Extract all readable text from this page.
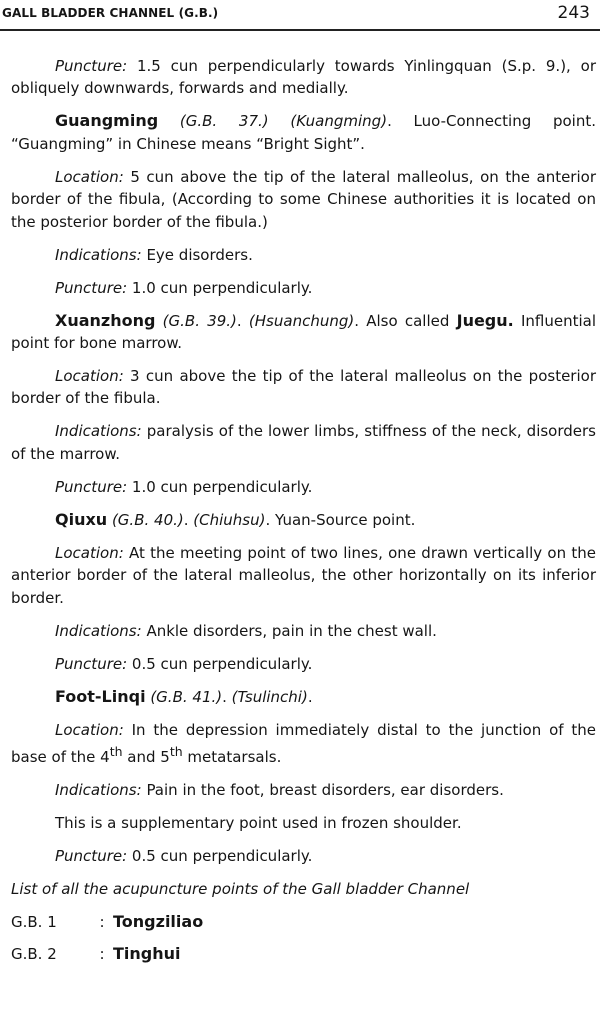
GALL BLADDER CHANNEL (G.B.)	243

Puncture: 1.5 cun perpendicularly towards Yinlingquan (S.p. 9.), or obliquely downwards, forwards and medially.

Guangming (G.B. 37.) (Kuangming). Luo-Connecting point. “Guangming” in Chinese means “Bright Sight”.

Location: 5 cun above the tip of the lateral malleolus, on the anterior border of the fibula, (According to some Chinese authorities it is located on the posterior border of the fibula.)

Indications: Eye disorders.

Puncture: 1.0 cun perpendicularly.

Xuanzhong (G.B. 39.). (Hsuanchung). Also called Juegu. Influential point for bone marrow.

Location: 3 cun above the tip of the lateral malleolus on the posterior border of the fibula.

Indications: paralysis of the lower limbs, stiffness of the neck, disorders of the marrow.

Puncture: 1.0 cun perpendicularly.

Qiuxu (G.B. 40.). (Chiuhsu). Yuan-Source point.

Location: At the meeting point of two lines, one drawn vertically on the anterior border of the lateral malleolus, the other horizontally on its inferior border.

Indications: Ankle disorders, pain in the chest wall.

Puncture: 0.5 cun perpendicularly.

Foot-Linqi (G.B. 41.). (Tsulinchi).

Location: In the depression immediately distal to the junction of the base of the 4th and 5th metatarsals.

Indications: Pain in the foot, breast disorders, ear disorders.

This is a supplementary point used in frozen shoulder.

Puncture: 0.5 cun perpendicularly.

List of all the acupuncture points of the Gall bladder Channel

G.B. 1	: Tongziliao
G.B. 2	: Tinghui
